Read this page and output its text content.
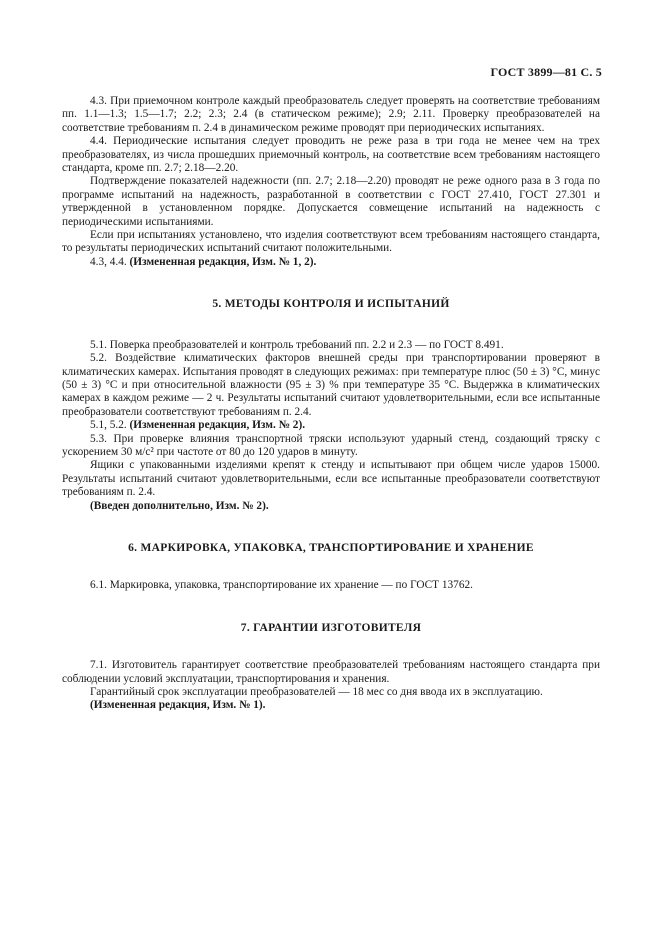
ГОСТ 3899—81 С. 5

4.3. При приемочном контроле каждый преобразователь следует проверять на соответствие требованиям пп. 1.1—1.3; 1.5—1.7; 2.2; 2.3; 2.4 (в статическом режиме); 2.9; 2.11. Проверку преобразователей на соответствие требованиям п. 2.4 в динамическом режиме проводят при периодических испытаниях.

4.4. Периодические испытания следует проводить не реже раза в три года не менее чем на трех преобразователях, из числа прошедших приемочный контроль, на соответствие всем требованиям настоящего стандарта, кроме пп. 2.7; 2.18—2.20.

Подтверждение показателей надежности (пп. 2.7; 2.18—2.20) проводят не реже одного раза в 3 года по программе испытаний на надежность, разработанной в соответствии с ГОСТ 27.410, ГОСТ 27.301 и утвержденной в установленном порядке. Допускается совмещение испытаний на надежность с периодическими испытаниями.

Если при испытаниях установлено, что изделия соответствуют всем требованиям настоящего стандарта, то результаты периодических испытаний считают положительными.

4.3, 4.4. (Измененная редакция, Изм. № 1, 2).

5. МЕТОДЫ КОНТРОЛЯ И ИСПЫТАНИЙ

5.1. Поверка преобразователей и контроль требований пп. 2.2 и 2.3 — по ГОСТ 8.491.

5.2. Воздействие климатических факторов внешней среды при транспортировании проверяют в климатических камерах. Испытания проводят в следующих режимах: при температуре плюс (50 ± 3) °С, минус (50 ± 3) °С и при относительной влажности (95 ± 3) % при температуре 35 °С. Выдержка в климатических камерах в каждом режиме — 2 ч. Результаты испытаний считают удовлетворительными, если все испытанные преобразователи соответствуют требованиям п. 2.4.

5.1, 5.2. (Измененная редакция, Изм. № 2).

5.3. При проверке влияния транспортной тряски используют ударный стенд, создающий тряску с ускорением 30 м/с² при частоте от 80 до 120 ударов в минуту.

Ящики с упакованными изделиями крепят к стенду и испытывают при общем числе ударов 15000. Результаты испытаний считают удовлетворительными, если все испытанные преобразователи соответствуют требованиям п. 2.4.

(Введен дополнительно, Изм. № 2).

6. МАРКИРОВКА, УПАКОВКА, ТРАНСПОРТИРОВАНИЕ И ХРАНЕНИЕ

6.1. Маркировка, упаковка, транспортирование их хранение — по ГОСТ 13762.

7. ГАРАНТИИ ИЗГОТОВИТЕЛЯ

7.1. Изготовитель гарантирует соответствие преобразователей требованиям настоящего стандарта при соблюдении условий эксплуатации, транспортирования и хранения.

Гарантийный срок эксплуатации преобразователей — 18 мес со дня ввода их в эксплуатацию.

(Измененная редакция, Изм. № 1).
